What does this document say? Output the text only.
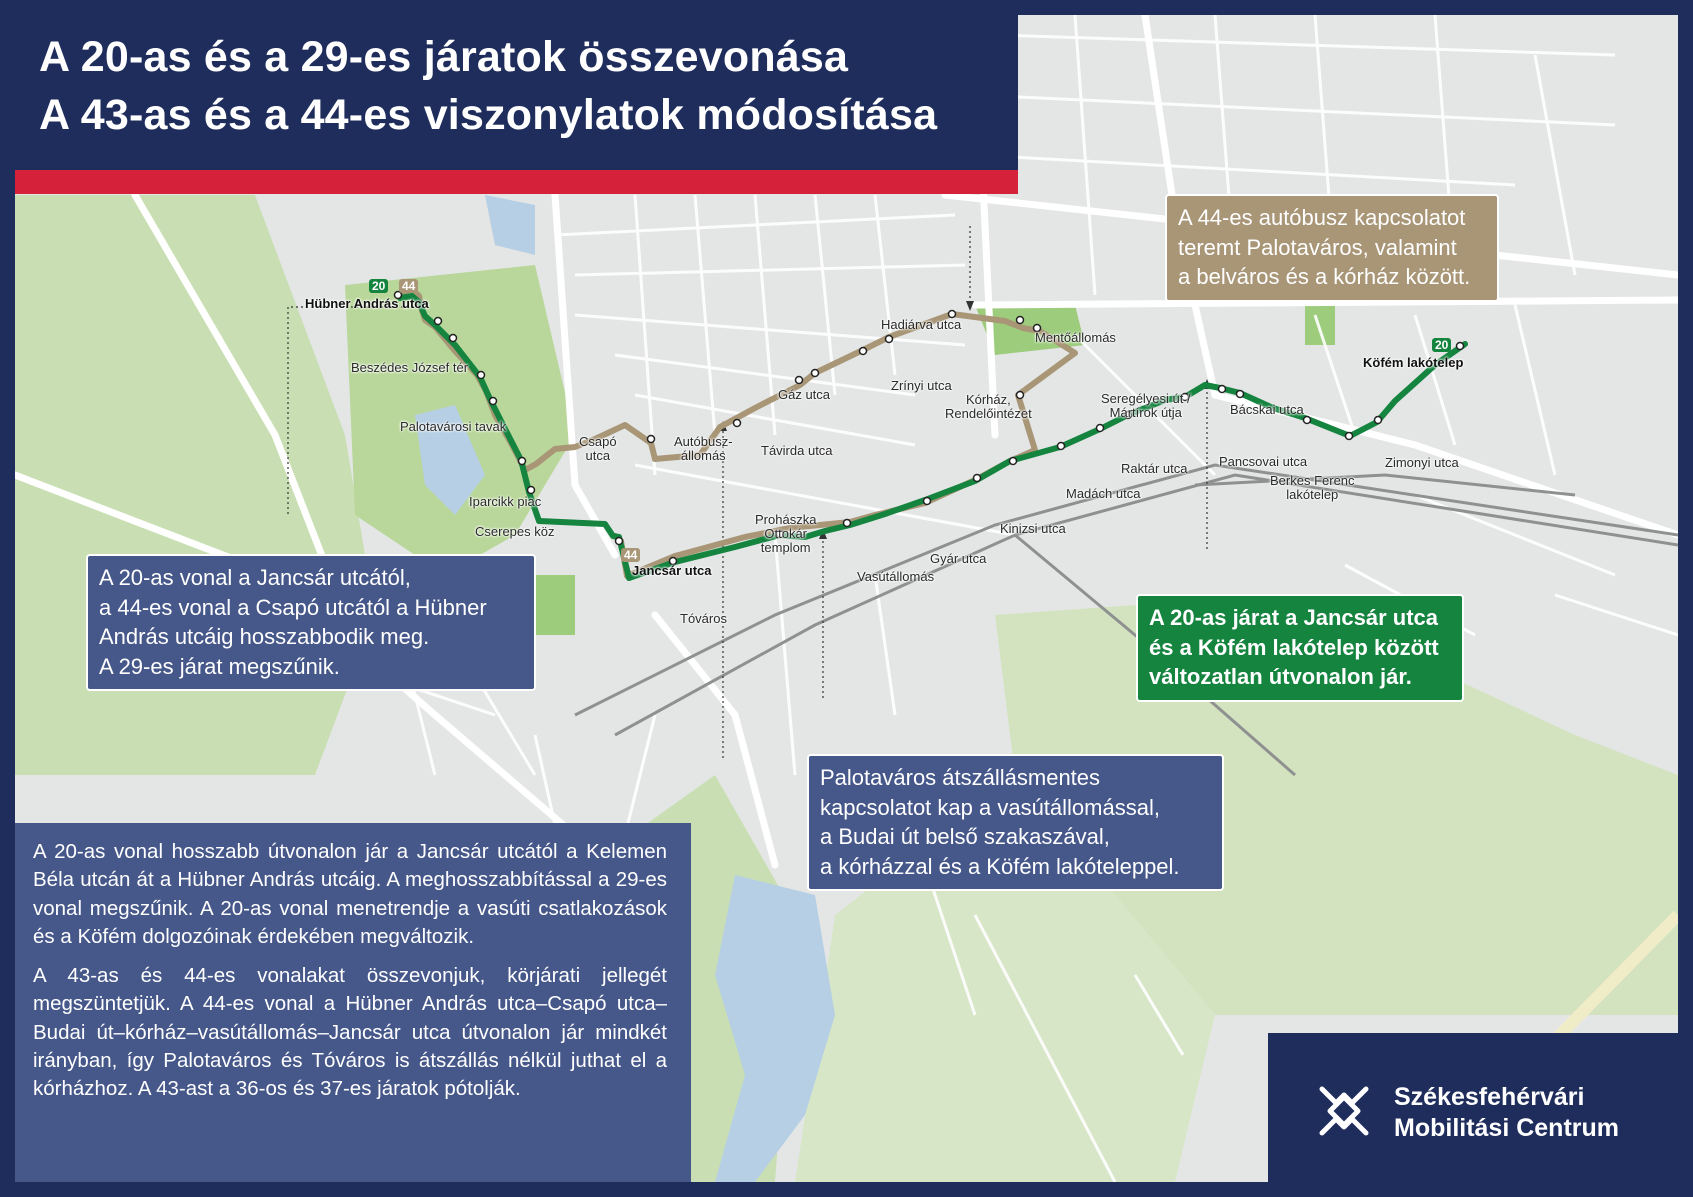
Hübner András utca
20 44
Beszédes József tér
Palotavárosi tavak
Iparcikk piac
Cserepes köz
Csapó
utca
Autóbusz-
állomás	Távirda utca
Gáz utca
Zrínyi utca
Hadiárva utca
Mentőállomás
Kórház,
Rendelőintézet
Jancsár utca
44
Tóváros
Prohászka
Ottokár
templom
Vasútállomás
Gyár utca
Kinizsi utca
Madách utca
Raktár utca
Seregélyesi út /
Mártírok útja	Bácskai utca
Pancsovai utca
Berkes Ferenc
lakótelep
Zimonyi utca
Köfém lakótelep
20
A 20-as és a 29-es járatok összevonása
A 43-as és a 44-es viszonylatok módosítása
A 20-as vonal a Jancsár utcától,
a 44-es vonal a Csapó utcától a Hübner
András utcáig hosszabbodik meg.
A 29-es járat megszűnik.
A 44-es autóbusz kapcsolatot
teremt Palotaváros, valamint
a belváros és a kórház között.
A 20-as járat a Jancsár utca
és a Köfém lakótelep között
változatlan útvonalon jár.
Palotaváros átszállásmentes
kapcsolatot kap a vasútállomással,
a Budai út belső szakaszával,
a kórházzal és a Köfém lakóteleppel.

A 20-as vonal hosszabb útvonalon jár a Jancsár utcától a Kelemen Béla utcán át a Hübner András utcáig. A meghosszabbítással a 29-es vonal megszűnik. A 20-as vonal menetrendje a vasúti csatlakozások és a Köfém dolgozóinak érdekében megváltozik.

A 43-as és 44-es vonalakat összevonjuk, körjárati jellegét megszüntetjük. A 44-es vonal a Hübner András utca–Csapó utca–Budai út–kórház–vasútállomás–Jancsár utca útvonalon jár mindkét irányban, így Palotaváros és Tóváros is átszállás nélkül juthat el a kórházhoz. A 43-ast a 36-os és 37-es járatok pótolják.	Székesfehérvári
Mobilitási Centrum
